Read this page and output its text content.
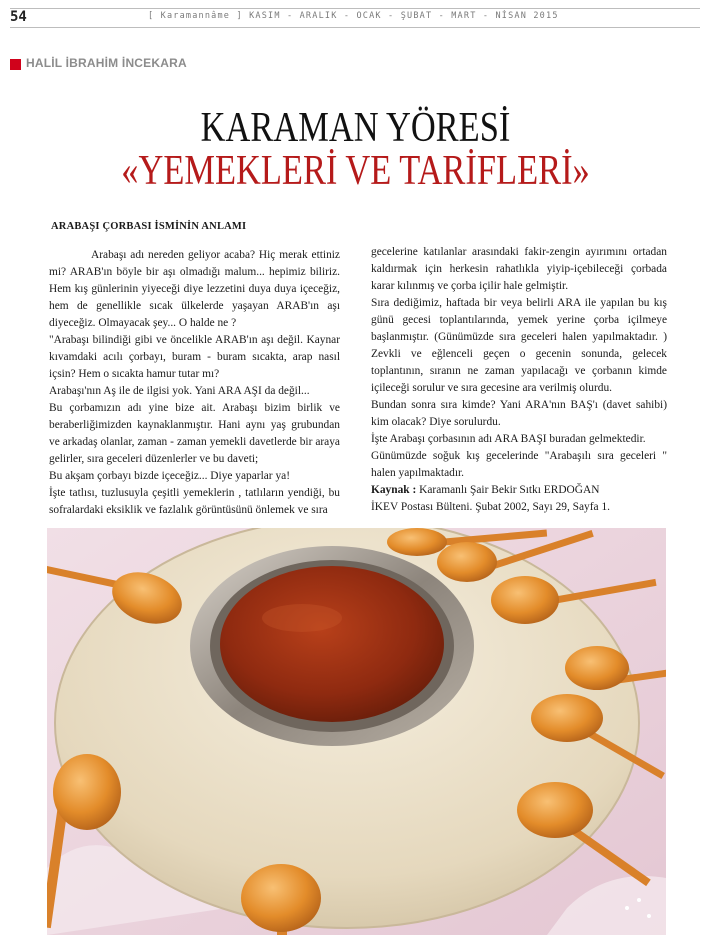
54	[ Karamannâme ] KASIM - ARALIK - OCAK - ŞUBAT - MART - NİSAN 2015
HALİL İBRAHİM İNCEKARA
KARAMAN YÖRESİ
«YEMEKLERİ VE TARİFLERİ»
ARABAŞI ÇORBASI İSMİNİN ANLAMI

Arabaşı adı nereden geliyor acaba? Hiç merak ettiniz mi? ARAB'ın böyle bir aşı olmadığı malum... hepimiz biliriz. Hem kış günlerinin yiyeceği diye lezzetini duya duya içeceğiz, hem de genellikle sıcak ülkelerde yaşayan ARAB'ın aşı diyeceğiz. Olmayacak şey... O halde ne ?

"Arabaşı bilindiği gibi ve öncelikle ARAB'ın aşı değil. Kaynar kıvamdaki acılı çorbayı, buram - buram sıcakta, arap nasıl içsin? Hem o sıcakta hamur tutar mı?

Arabaşı'nın Aş ile de ilgisi yok. Yani ARA AŞI da değil...

Bu çorbamızın adı yine bize ait. Arabaşı bizim birlik ve beraberliğimizden kaynaklanmıştır. Hani aynı yaş grubundan ve arkadaş olanlar, zaman - zaman yemekli davetlerde bir araya gelirler, sıra geceleri düzenlerler ve bu daveti;

Bu akşam çorbayı bizde içeceğiz... Diye yaparlar ya!

İşte tatlısı, tuzlusuyla çeşitli yemeklerin , tatlıların yendiği, bu sofralardaki eksiklik ve fazlalık görüntüsünü önlemek ve sıra

gecelerine katılanlar arasındaki fakir-zengin ayırımını ortadan kaldırmak için herkesin rahatlıkla yiyip-içebileceği çorbada karar kılınmış ve çorba içilir hale gelmiştir.

Sıra dediğimiz, haftada bir veya belirli ARA ile yapılan bu kış günü gecesi toplantılarında, yemek yerine çorba içilmeye başlanmıştır. (Günümüzde sıra geceleri halen yapılmaktadır. ) Zevkli ve eğlenceli geçen o gecenin sonunda, gelecek toplantının, sıranın ne zaman yapılacağı ve çorbanın kimde içileceği sorulur ve sıra gecesine ara verilmiş olurdu.

Bundan sonra sıra kimde? Yani ARA'nın BAŞ'ı (davet sahibi) kim olacak? Diye sorulurdu.

İşte Arabaşı çorbasının adı ARA BAŞI buradan gelmektedir.

Günümüzde soğuk kış gecelerinde "Arabaşılı sıra geceleri " halen yapılmaktadır.

Kaynak : Karamanlı Şair Bekir Sıtkı ERDOĞAN

İKEV Postası Bülteni. Şubat 2002, Sayı 29, Sayfa 1.
